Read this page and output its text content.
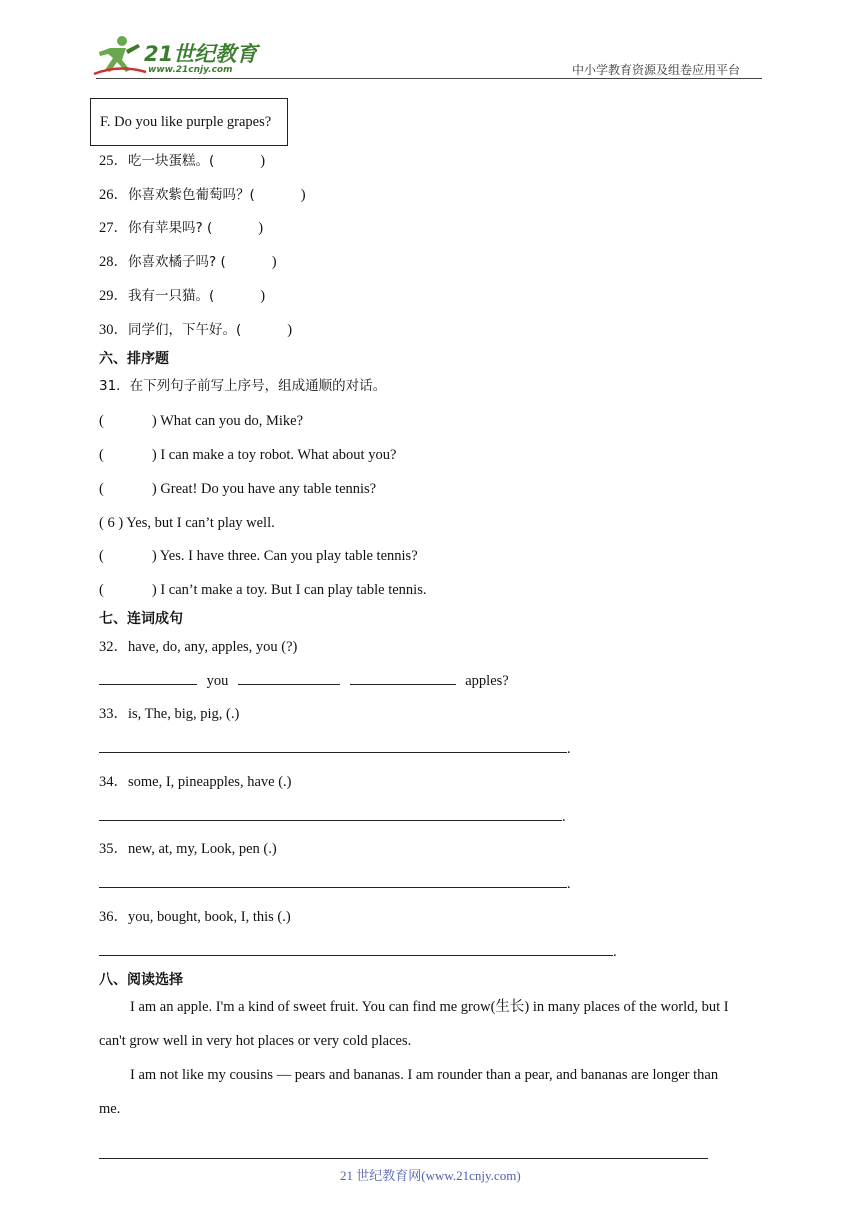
21世纪教育
www.21cnjy.com	中小学教育资源及组卷应用平台
F. Do you like purple grapes?
25．吃一块蛋糕。(	)
26．你喜欢紫色葡萄吗？(	)
27．你有苹果吗? (	)
28．你喜欢橘子吗? (	)
29．我有一只猫。(	)
30．同学们，下午好。(	)
六、排序题
31．在下列句子前写上序号，组成通顺的对话。
(	) What can you do, Mike?
(	) I can make a toy robot. What about you?
(	) Great! Do you have any table tennis?
( 6 ) Yes, but I can’t play well.
(	) Yes. I have three. Can you play table tennis?
(	) I can’t make a toy. But I can play table tennis.
七、连词成句
32．have, do, any, apples, you (?)
you	apples?
33．is, The, big, pig, (.)
.
34．some, I, pineapples, have (.)
.
35．new, at, my, Look, pen (.)
.
36．you, bought, book, I, this (.)
.
八、阅读选择
I am an apple. I'm a kind of sweet fruit. You can find me grow(生长) in many places of the world, but I
can't grow well in very hot places or very cold places.
I am not like my cousins — pears and bananas. I am rounder than a pear, and bananas are longer than
me.
21 世纪教育网(www.21cnjy.com)
